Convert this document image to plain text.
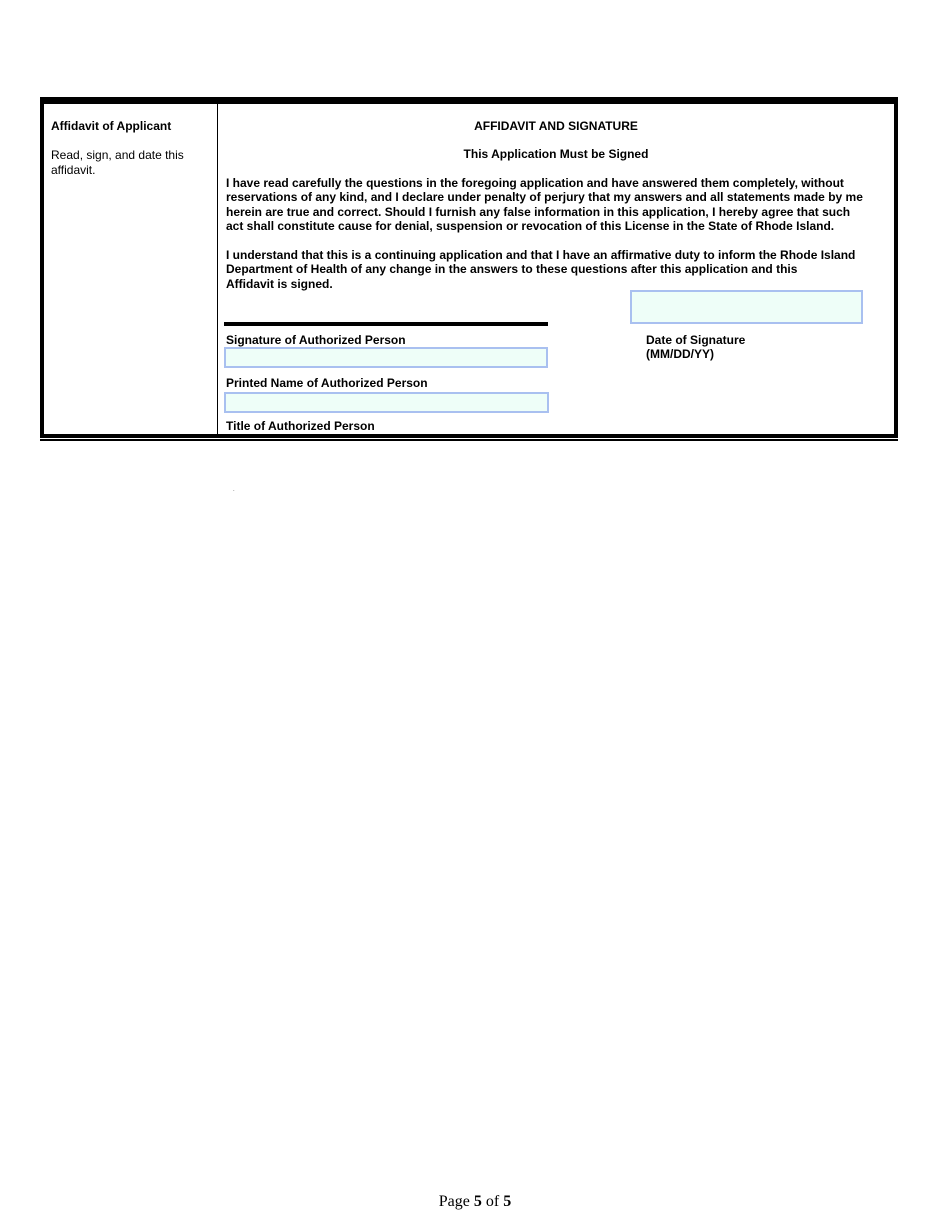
Affidavit of Applicant
Read, sign, and date this
affidavit.
AFFIDAVIT AND SIGNATURE
This Application Must be Signed
I have read carefully the questions in the foregoing application and have answered them completely, without
reservations of any kind, and I declare under penalty of perjury that my answers and all statements made by me
herein are true and correct. Should I furnish any false information in this application, I hereby agree that such
act shall constitute cause for denial, suspension or revocation of this License in the State of Rhode Island.
I understand that this is a continuing application and that I have an affirmative duty to inform the Rhode Island
Department of Health of any change in the answers to these questions after this application and this
Affidavit is signed.
Signature of Authorized Person	Date of Signature
(MM/DD/YY)
Printed Name of Authorized Person
Title of Authorized Person
.
Page 5 of 5
